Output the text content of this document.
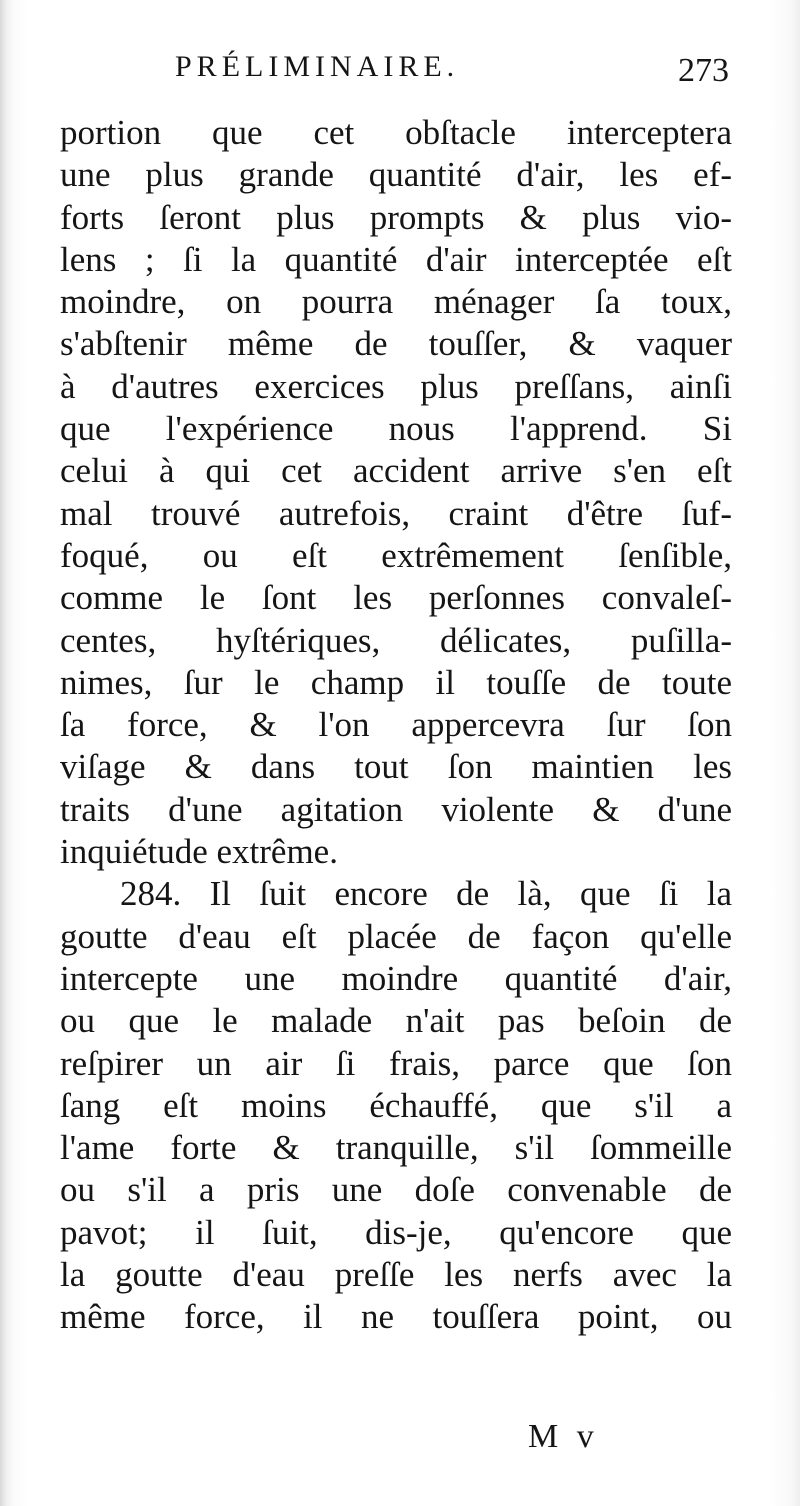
PRÉLIMINAIRE.	273
portion que cet obſtacle interceptera
une plus grande quantité d'air, les ef-
forts ſeront plus prompts & plus vio-
lens ; ſi la quantité d'air interceptée eſt
moindre, on pourra ménager ſa toux,
s'abſtenir même de touſſer, & vaquer
à d'autres exercices plus preſſans, ainſi
que l'expérience nous l'apprend. Si
celui à qui cet accident arrive s'en eſt
mal trouvé autrefois, craint d'être ſuf-
foqué, ou eſt extrêmement ſenſible,
comme le ſont les perſonnes convaleſ-
centes, hyſtériques, délicates, puſilla-
nimes, ſur le champ il touſſe de toute
ſa force, & l'on appercevra ſur ſon
viſage & dans tout ſon maintien les
traits d'une agitation violente & d'une
inquiétude extrême.
284. Il ſuit encore de là, que ſi la
goutte d'eau eſt placée de façon qu'elle
intercepte une moindre quantité d'air,
ou que le malade n'ait pas beſoin de
reſpirer un air ſi frais, parce que ſon
ſang eſt moins échauffé, que s'il a
l'ame forte & tranquille, s'il ſommeille
ou s'il a pris une doſe convenable de
pavot; il ſuit, dis-je, qu'encore que
la goutte d'eau preſſe les nerfs avec la
même force, il ne touſſera point, ou
M v
